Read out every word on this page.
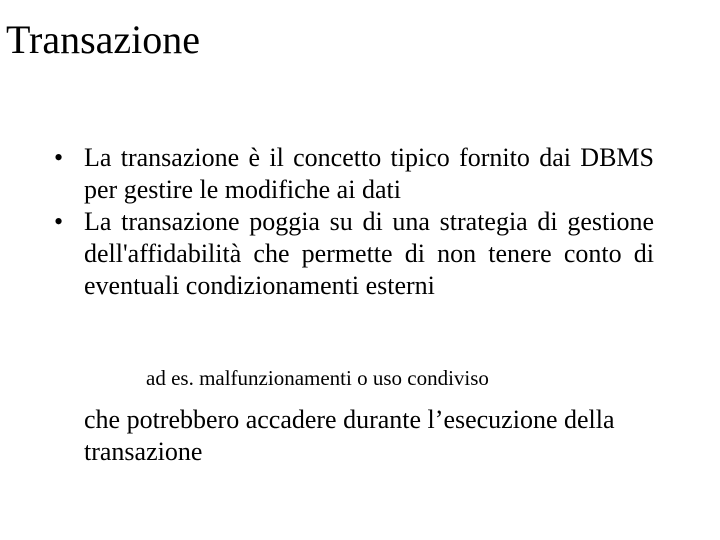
Transazione
• La transazione è il concetto tipico fornito dai DBMS per gestire le modifiche ai dati
• La transazione poggia su di una strategia di gestione dell'affidabilità che permette di non tenere conto di eventuali condizionamenti esterni
ad es. malfunzionamenti o uso condiviso
che potrebbero accadere durante l’esecuzione della transazione
